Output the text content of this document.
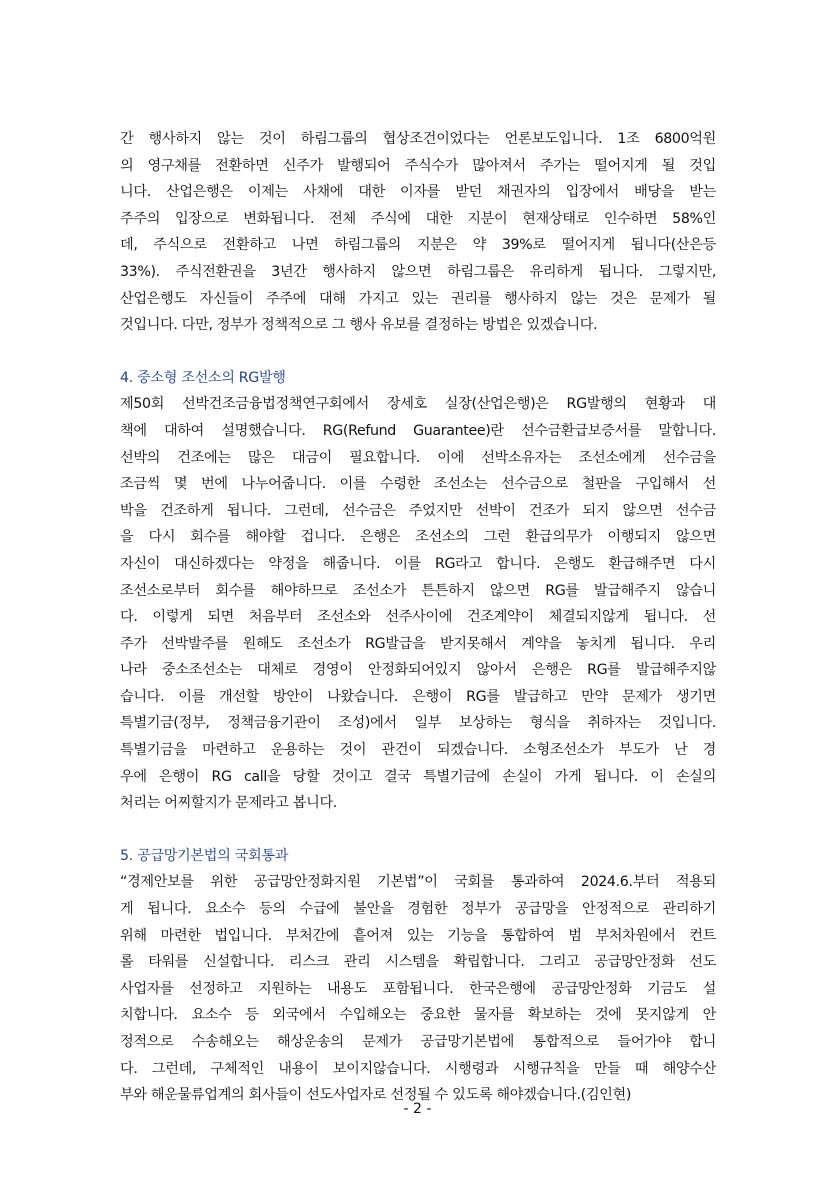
간 행사하지 않는 것이 하림그룹의 협상조건이었다는 언론보도입니다. 1조 6800억원
의 영구채를 전환하면 신주가 발행되어 주식수가 많아져서 주가는 떨어지게 될 것입
니다. 산업은행은 이제는 사채에 대한 이자를 받던 채권자의 입장에서 배당을 받는
주주의 입장으로 변화됩니다. 전체 주식에 대한 지분이 현재상태로 인수하면 58%인
데, 주식으로 전환하고 나면 하림그룹의 지분은 약 39%로 떨어지게 됩니다(산은등
33%). 주식전환권을 3년간 행사하지 않으면 하림그룹은 유리하게 됩니다. 그렇지만,
산업은행도 자신들이 주주에 대해 가지고 있는 권리를 행사하지 않는 것은 문제가 될
것입니다. 다만, 정부가 정책적으로 그 행사 유보를 결정하는 방법은 있겠습니다.
4. 중소형 조선소의 RG발행
제50회 선박건조금융법정책연구회에서 장세호 실장(산업은행)은 RG발행의 현황과 대
책에 대하여 설명했습니다. RG(Refund Guarantee)란 선수금환급보증서를 말합니다.
선박의 건조에는 많은 대금이 필요합니다. 이에 선박소유자는 조선소에게 선수금을
조금씩 몇 번에 나누어줍니다. 이를 수령한 조선소는 선수금으로 철판을 구입해서 선
박을 건조하게 됩니다. 그런데, 선수금은 주었지만 선박이 건조가 되지 않으면 선수금
을 다시 회수를 해야할 겁니다. 은행은 조선소의 그런 환급의무가 이행되지 않으면
자신이 대신하겠다는 약정을 해줍니다. 이를 RG라고 합니다. 은행도 환급해주면 다시
조선소로부터 회수를 해야하므로 조선소가 튼튼하지 않으면 RG를 발급해주지 않습니
다. 이렇게 되면 처음부터 조선소와 선주사이에 건조계약이 체결되지않게 됩니다. 선
주가 선박발주를 원해도 조선소가 RG발급을 받지못해서 계약을 놓치게 됩니다. 우리
나라 중소조선소는 대체로 경영이 안정화되어있지 않아서 은행은 RG를 발급해주지않
습니다. 이를 개선할 방안이 나왔습니다. 은행이 RG를 발급하고 만약 문제가 생기면
특별기금(정부, 정책금융기관이 조성)에서 일부 보상하는 형식을 취하자는 것입니다.
특별기금을 마련하고 운용하는 것이 관건이 되겠습니다. 소형조선소가 부도가 난 경
우에 은행이 RG call을 당할 것이고 결국 특별기금에 손실이 가게 됩니다. 이 손실의
처리는 어찌할지가 문제라고 봅니다.
5. 공급망기본법의 국회통과
“경제안보를 위한 공급망안정화지원 기본법”이 국회를 통과하여 2024.6.부터 적용되
게 됩니다. 요소수 등의 수급에 불안을 경험한 정부가 공급망을 안정적으로 관리하기
위해 마련한 법입니다. 부처간에 흩어져 있는 기능을 통합하여 범 부처차원에서 컨트
롤 타워를 신설합니다. 리스크 관리 시스템을 확립합니다. 그리고 공급망안정화 선도
사업자를 선정하고 지원하는 내용도 포함됩니다. 한국은행에 공급망안정화 기금도 설
치합니다. 요소수 등 외국에서 수입해오는 중요한 물자를 확보하는 것에 못지않게 안
정적으로 수송해오는 해상운송의 문제가 공급망기본법에 통합적으로 들어가야 합니
다. 그런데, 구체적인 내용이 보이지않습니다. 시행령과 시행규칙을 만들 때 해양수산
부와 해운물류업계의 회사들이 선도사업자로 선정될 수 있도록 해야겠습니다.(김인현)
- 2 -
